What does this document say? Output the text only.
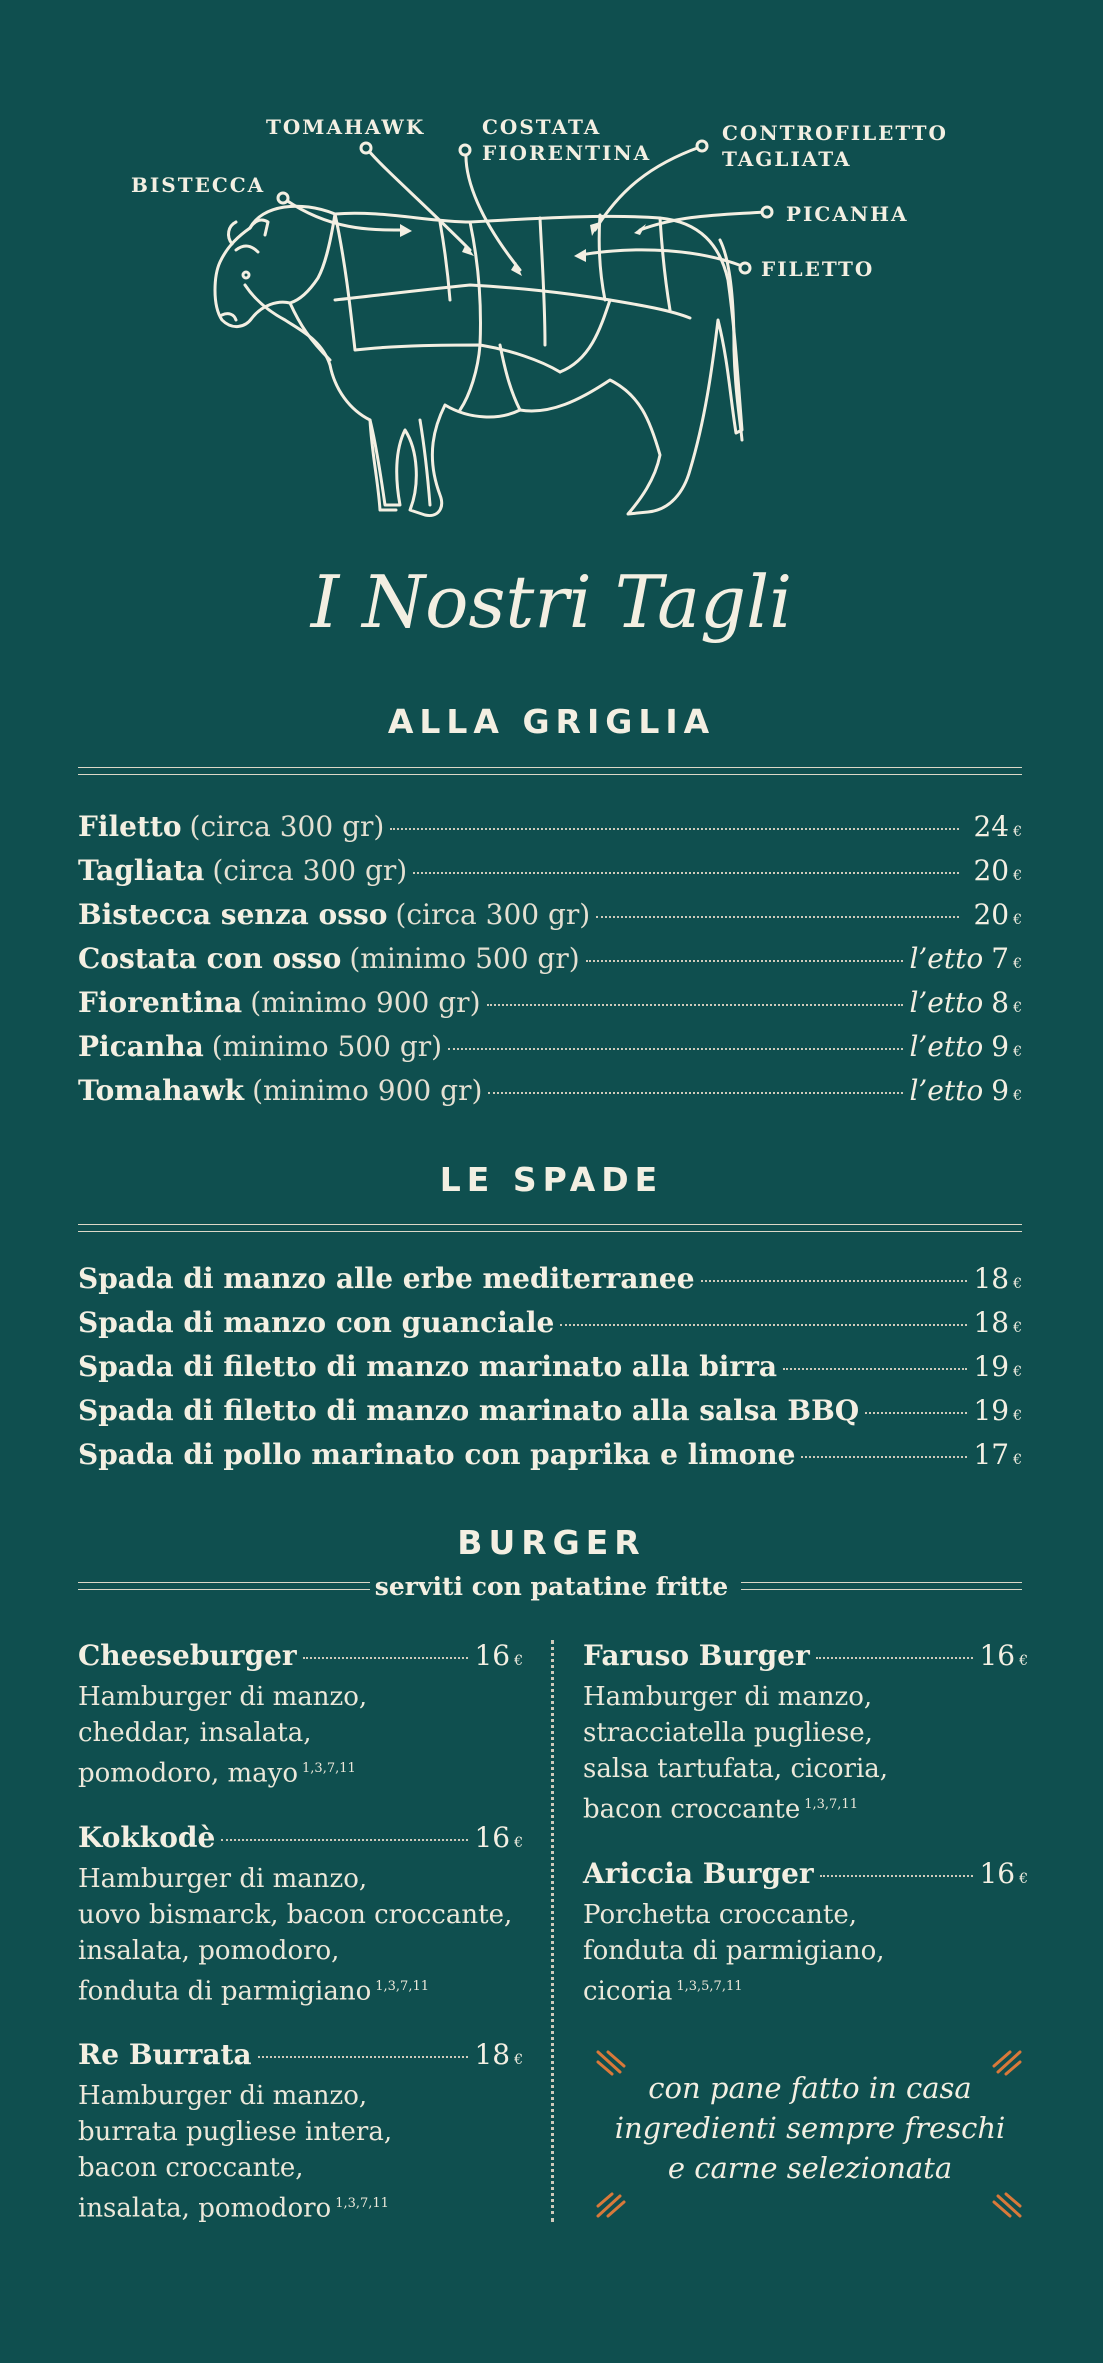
BISTECCA
TOMAHAWK	COSTATA
FIORENTINA
CONTROFILETTO
TAGLIATA
PICANHA
FILETTO
I Nostri Tagli
ALLA GRIGLIA
Filetto (circa 300 gr)	24 €
Tagliata (circa 300 gr)	20 €
Bistecca senza osso (circa 300 gr)	20 €
Costata con osso (minimo 500 gr)	l’etto 7 €
Fiorentina (minimo 900 gr)	l’etto 8 €
Picanha (minimo 500 gr)	l’etto 9 €
Tomahawk (minimo 900 gr)	l’etto 9 €
LE SPADE
Spada di manzo alle erbe mediterranee	18 €
Spada di manzo con guanciale	18 €
Spada di filetto di manzo marinato alla birra	19 €
Spada di filetto di manzo marinato alla salsa BBQ	19 €
Spada di pollo marinato con paprika e limone	17 €
BURGER
serviti con patatine fritte
Cheeseburger	16 €
Hamburger di manzo,
cheddar, insalata,
pomodoro, mayo $^{1,3,7,11}$
Kokkodè	16 €
Hamburger di manzo,
uovo bismarck, bacon croccante,
insalata, pomodoro,
fonduta di parmigiano $^{1,3,7,11}$
Re Burrata	18 €
Hamburger di manzo,
burrata pugliese intera,
bacon croccante,
insalata, pomodoro $^{1,3,7,11}$
Faruso Burger	16 €
Hamburger di manzo,
stracciatella pugliese,
salsa tartufata, cicoria,
bacon croccante $^{1,3,7,11}$
Ariccia Burger	16 €
Porchetta croccante,
fonduta di parmigiano,
cicoria $^{1,3,5,7,11}$
con pane fatto in casa
ingredienti sempre freschi
e carne selezionata
